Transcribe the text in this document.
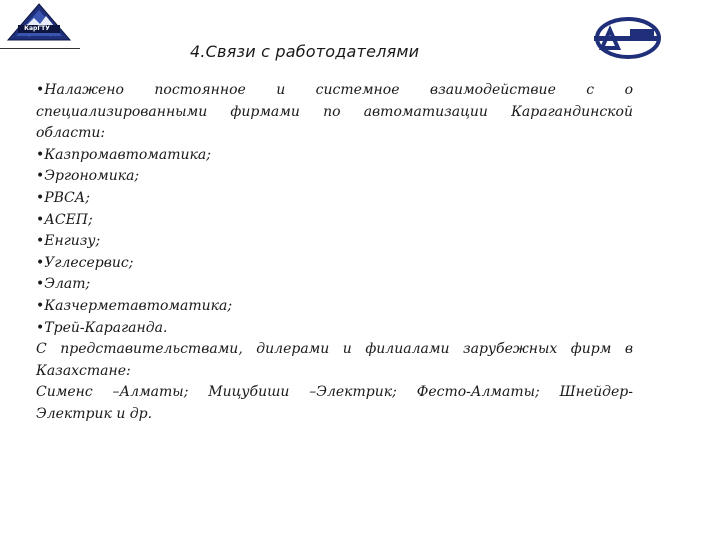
КарГТУ
Карагандинский государственный технический университет
4.Связи с работодателями

• Налажено постоянное и системное взаимодействие с о

специализированными фирмами по автоматизации Карагандинской

области:

• Казпромавтоматика;

• Эргономика;

• РВСА;

• АСЕП;

• Енгизу;

• Углесервис;

• Элат;

• Казчерметавтоматика;

• Трей-Караганда.

С представительствами, дилерами и филиалами зарубежных фирм в

Казахстане:

Сименс –Алматы; Мицубиши –Электрик; Фесто-Алматы; Шнейдер-

Электрик и др.
